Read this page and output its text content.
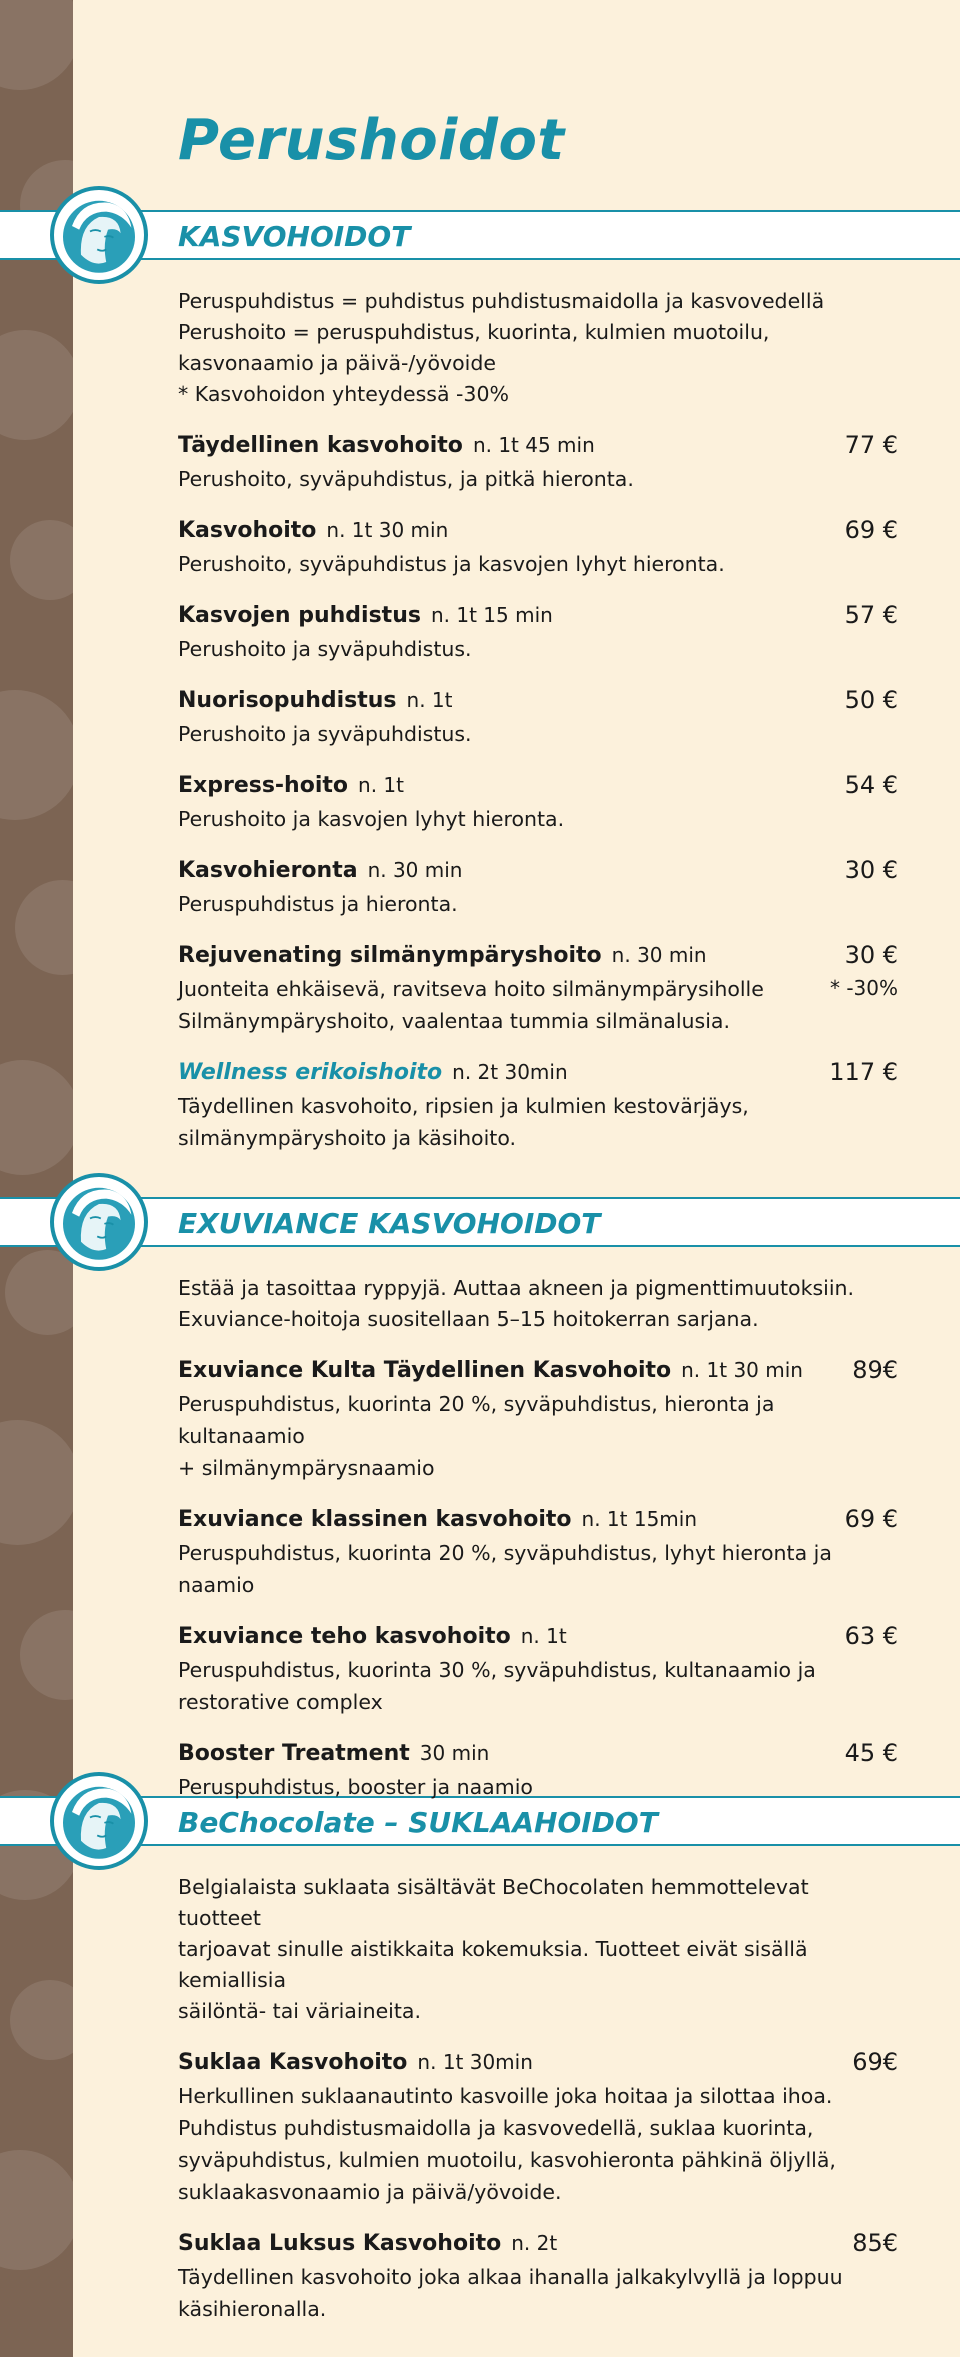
Perushoidot
KASVOHOIDOT
EXUVIANCE KASVOHOIDOT
BeChocolate – SUKLAAHOIDOT

Peruspuhdistus = puhdistus puhdistusmaidolla ja kasvovedellä

Perushoito = peruspuhdistus, kuorinta, kulmien muotoilu,

kasvonaamio ja päivä-/yövoide

* Kasvohoidon yhteydessä -30%

Täydellinen kasvohoito n. 1t 45 min	77 €

Perushoito, syväpuhdistus, ja pitkä hieronta.

Kasvohoito n. 1t 30 min	69 €

Perushoito, syväpuhdistus ja kasvojen lyhyt hieronta.

Kasvojen puhdistus n. 1t 15 min	57 €

Perushoito ja syväpuhdistus.

Nuorisopuhdistus n. 1t	50 €

Perushoito ja syväpuhdistus.

Express-hoito n. 1t	54 €

Perushoito ja kasvojen lyhyt hieronta.

Kasvohieronta n. 30 min	30 €

Peruspuhdistus ja hieronta.

Rejuvenating silmänympäryshoito n. 30 min	30 €
* -30%

Juonteita ehkäisevä, ravitseva hoito silmänympärysiholle

Silmänympäryshoito, vaalentaa tummia silmänalusia.

Wellness erikoishoito n. 2t 30min	117 €

Täydellinen kasvohoito, ripsien ja kulmien kestovärjäys,

silmänympäryshoito ja käsihoito.

Estää ja tasoittaa ryppyjä. Auttaa akneen ja pigmenttimuutoksiin.

Exuviance-hoitoja suositellaan 5–15 hoitokerran sarjana.

Exuviance Kulta Täydellinen Kasvohoito n. 1t 30 min	89€

Peruspuhdistus, kuorinta 20 %, syväpuhdistus, hieronta ja kultanaamio

+ silmänympärysnaamio

Exuviance klassinen kasvohoito n. 1t 15min	69 €

Peruspuhdistus, kuorinta 20 %, syväpuhdistus, lyhyt hieronta ja naamio

Exuviance teho kasvohoito n. 1t	63 €

Peruspuhdistus, kuorinta 30 %, syväpuhdistus, kultanaamio ja

restorative complex

Booster Treatment 30 min	45 €

Peruspuhdistus, booster ja naamio

Belgialaista suklaata sisältävät BeChocolaten hemmottelevat tuotteet

tarjoavat sinulle aistikkaita kokemuksia. Tuotteet eivät sisällä kemiallisia

säilöntä- tai väriaineita.

Suklaa Kasvohoito n. 1t 30min	69€

Herkullinen suklaanautinto kasvoille joka hoitaa ja silottaa ihoa.

Puhdistus puhdistusmaidolla ja kasvovedellä, suklaa kuorinta,

syväpuhdistus, kulmien muotoilu, kasvohieronta pähkinä öljyllä,

suklaakasvonaamio ja päivä/yövoide.

Suklaa Luksus Kasvohoito n. 2t	85€

Täydellinen kasvohoito joka alkaa ihanalla jalkakylvyllä ja loppuu

käsihieronalla.
